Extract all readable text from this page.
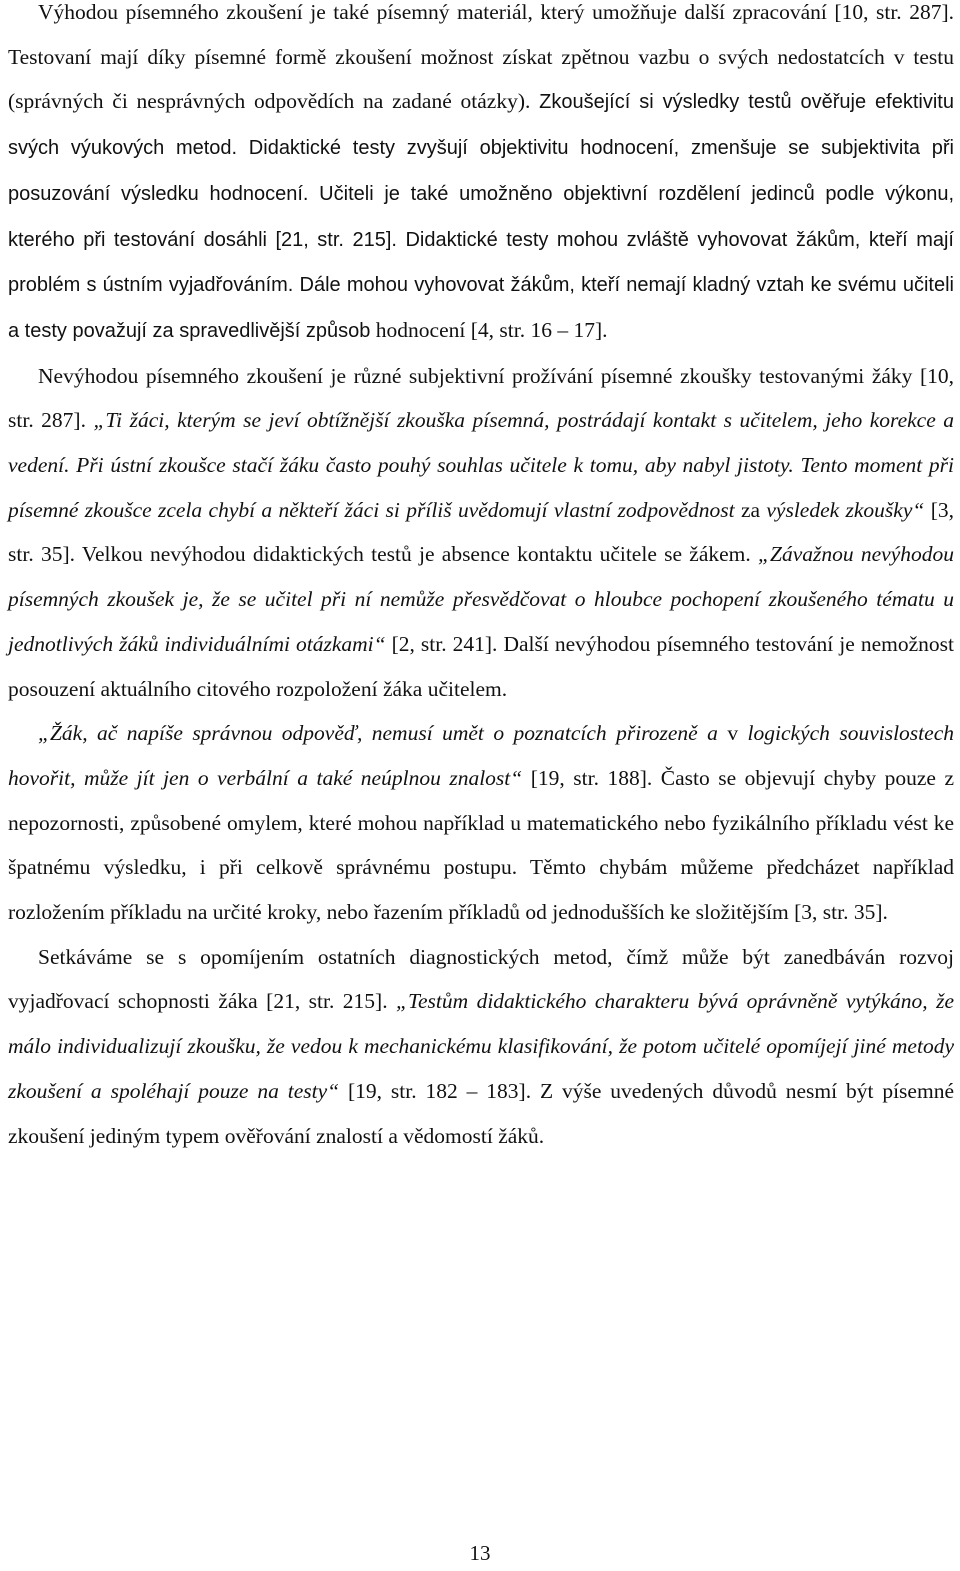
Výhodou písemného zkoušení je také písemný materiál, který umožňuje další zpracování [10, str. 287]. Testovaní mají díky písemné formě zkoušení možnost získat zpětnou vazbu o svých nedostatcích v testu (správných či nesprávných odpovědích na zadané otázky). Zkoušející si výsledky testů ověřuje efektivitu svých výukových metod. Didaktické testy zvyšují objektivitu hodnocení, zmenšuje se subjektivita při posuzování výsledku hodnocení. Učiteli je také umožněno objektivní rozdělení jedinců podle výkonu, kterého při testování dosáhli [21, str. 215]. Didaktické testy mohou zvláště vyhovovat žákům, kteří mají problém s ústním vyjadřováním. Dále mohou vyhovovat žákům, kteří nemají kladný vztah ke svému učiteli a testy považují za spravedlivější způsob hodnocení [4, str. 16 – 17].

Nevýhodou písemného zkoušení je různé subjektivní prožívání písemné zkoušky testovanými žáky [10, str. 287]. „Ti žáci, kterým se jeví obtížnější zkouška písemná, postrádají kontakt s učitelem, jeho korekce a vedení. Při ústní zkoušce stačí žáku často pouhý souhlas učitele k tomu, aby nabyl jistoty. Tento moment při písemné zkoušce zcela chybí a někteří žáci si příliš uvědomují vlastní zodpovědnost za výsledek zkoušky“ [3, str. 35]. Velkou nevýhodou didaktických testů je absence kontaktu učitele se žákem. „Závažnou nevýhodou písemných zkoušek je, že se učitel při ní nemůže přesvědčovat o hloubce pochopení zkoušeného tématu u jednotlivých žáků individuálními otázkami“ [2, str. 241]. Další nevýhodou písemného testování je nemožnost posouzení aktuálního citového rozpoložení žáka učitelem.

„Žák, ač napíše správnou odpověď, nemusí umět o poznatcích přirozeně a v logických souvislostech hovořit, může jít jen o verbální a také neúplnou znalost“ [19, str. 188]. Často se objevují chyby pouze z nepozornosti, způsobené omylem, které mohou například u matematického nebo fyzikálního příkladu vést ke špatnému výsledku, i při celkově správnému postupu. Těmto chybám můžeme předcházet například rozložením příkladu na určité kroky, nebo řazením příkladů od jednodušších ke složitějším [3, str. 35].

Setkáváme se s opomíjením ostatních diagnostických metod, čímž může být zanedbáván rozvoj vyjadřovací schopnosti žáka [21, str. 215]. „Testům didaktického charakteru bývá oprávněně vytýkáno, že málo individualizují zkoušku, že vedou k mechanickému klasifikování, že potom učitelé opomíjejí jiné metody zkoušení a spoléhají pouze na testy“ [19, str. 182 – 183]. Z výše uvedených důvodů nesmí být písemné zkoušení jediným typem ověřování znalostí a vědomostí žáků.

13
